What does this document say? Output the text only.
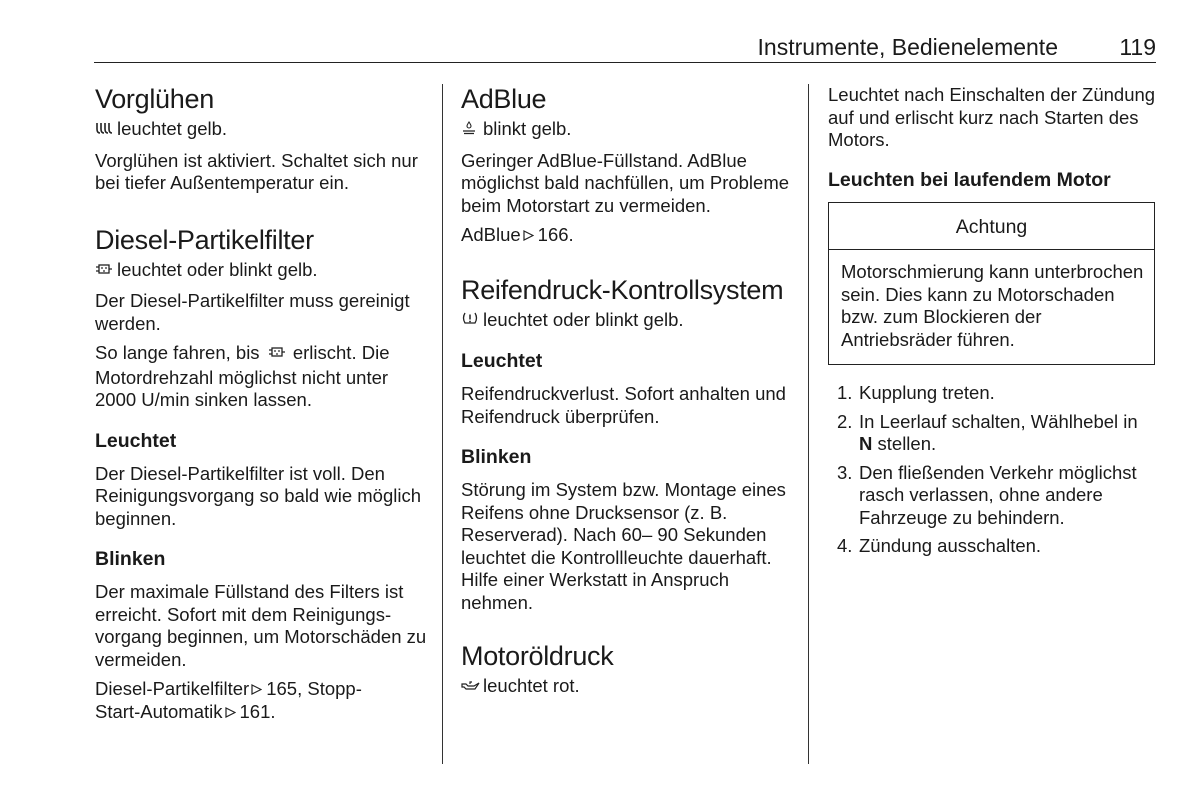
Instrumente, Bedienelemente	119
Vorglühen

leuchtet gelb.

Vorglühen ist aktiviert. Schaltet sich nur bei tiefer Außentemperatur ein.

Diesel-Partikelfilter

leuchtet oder blinkt gelb.

Der Diesel-Partikelfilter muss gereinigt werden.

So lange fahren, bis erlischt. Die Motordrehzahl möglichst nicht unter 2000 U/min sinken lassen.

Leuchtet

Der Diesel-Partikelfilter ist voll. Den Reinigungsvorgang so bald wie möglich beginnen.

Blinken

Der maximale Füllstand des Filters ist erreicht. Sofort mit dem Reinigungsvorgang beginnen, um Motorschäden zu vermeiden.

Diesel-Partikelfilter 165, Stopp-
Start-Automatik 161.

AdBlue

blinkt gelb.

Geringer AdBlue-Füllstand. AdBlue möglichst bald nachfüllen, um Probleme beim Motorstart zu vermeiden.

AdBlue 166.

Reifendruck-Kontrollsystem

leuchtet oder blinkt gelb.

Leuchtet

Reifendruckverlust. Sofort anhalten und Reifendruck überprüfen.

Blinken

Störung im System bzw. Montage eines Reifens ohne Drucksensor (z. B. Reserverad). Nach 60– 90 Sekunden leuchtet die Kontrollleuchte dauerhaft. Hilfe einer Werkstatt in Anspruch nehmen.

Motoröldruck

leuchtet rot.

Leuchtet nach Einschalten der Zündung auf und erlischt kurz nach Starten des Motors.

Leuchten bei laufendem Motor
Achtung
Motorschmierung kann unterbrochen sein. Dies kann zu Motorschaden bzw. zum Blockieren der Antriebsräder führen.
1. Kupplung treten.
2. In Leerlauf schalten, Wählhebel in
N stellen.
3. Den fließenden Verkehr möglichst rasch verlassen, ohne andere Fahrzeuge zu behindern.
4. Zündung ausschalten.
